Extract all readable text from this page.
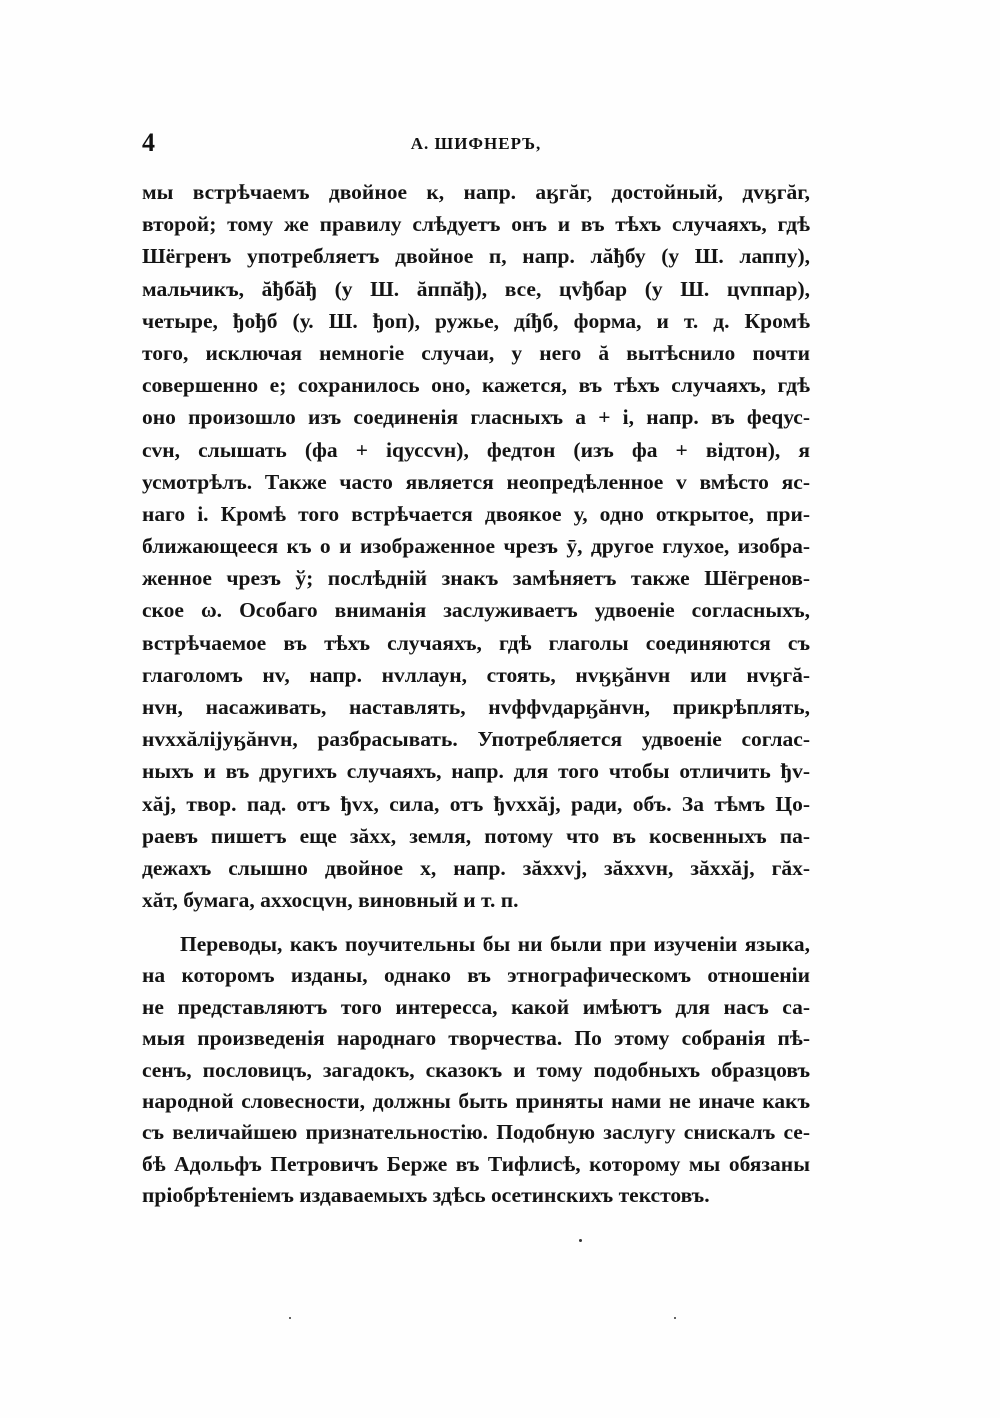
4	А. ШИФНЕРЪ,
мы встрѣчаемъ двойное к, напр. аӄгăг, достойный, дvӄгăг,
второй; тому же правилу слѣдуетъ онъ и въ тѣхъ случаяхъ, гдѣ
Шёгренъ употребляетъ двойное п, напр. лăђбу (у Ш. лаппу),
мальчикъ, ăђбăђ (у Ш. ăппăђ), все, цvђбар (у Ш. цvппар),
четыре, ђођб (у. Ш. ђоп), ружье, дíђб, форма, и т. д. Кромѣ
того, исключая немногіе случаи, у него ă вытѣснило почти
совершенно е; сохранилось оно, кажется, въ тѣхъ случаяхъ, гдѣ
оно произошло изъ соединенія гласныхъ а + і, напр. въ феqус-
сvн, слышать (фа + іqуссvн), федтон (изъ фа + вiдтон), я
усмотрѣлъ. Также часто является неопредѣленное v вмѣсто яс-
наго і. Кромѣ того встрѣчается двоякое у, одно открытое, при-
ближающееся къ о и изображенное чрезъ ӯ, другое глухое, изобра-
женное чрезъ ў; послѣдній знакъ замѣняетъ также Шёгренов-
ское ω. Особаго вниманія заслуживаетъ удвоеніе согласныхъ,
встрѣчаемое въ тѣхъ случаяхъ, гдѣ глаголы соединяются съ
глаголомъ нv, напр. нvллаун, стоять, нvӄӄăнvн или нvӄгă-
нvн, насаживать, наставлять, нvффvдарӄăнvн, прикрѣплять,
нvххăлijуӄăнvн, разбрасывать. Употребляется удвоеніе соглас-
ныхъ и въ другихъ случаяхъ, напр. для того чтобы отличить ђv-
хăj, твор. пад. отъ ђvх, сила, отъ ђvххăj, ради, объ. За тѣмъ Цо-
раевъ пишетъ еще зăхх, земля, потому что въ косвенныхъ па-
дежахъ слышно двойное х, напр. зăххvj, зăххvн, зăххăj, гăх-
хăт, бумага, аххосцvн, виновный и т. п.
Переводы, какъ поучительны бы ни были при изученіи языка,
на которомъ изданы, однако въ этнографическомъ отношеніи
не представляютъ того интересса, какой имѣютъ для насъ са-
мыя произведенія народнаго творчества. По этому собранія пѣ-
сенъ, пословицъ, загадокъ, сказокъ и тому подобныхъ образцовъ
народной словесности, должны быть приняты нами не иначе какъ
съ величайшею признательностію. Подобную заслугу снискалъ се-
бѣ Адольфъ Петровичъ Берже въ Тифлисѣ, которому мы обязаны
пріобрѣтеніемъ издаваемыхъ здѣсь осетинскихъ текстовъ.
